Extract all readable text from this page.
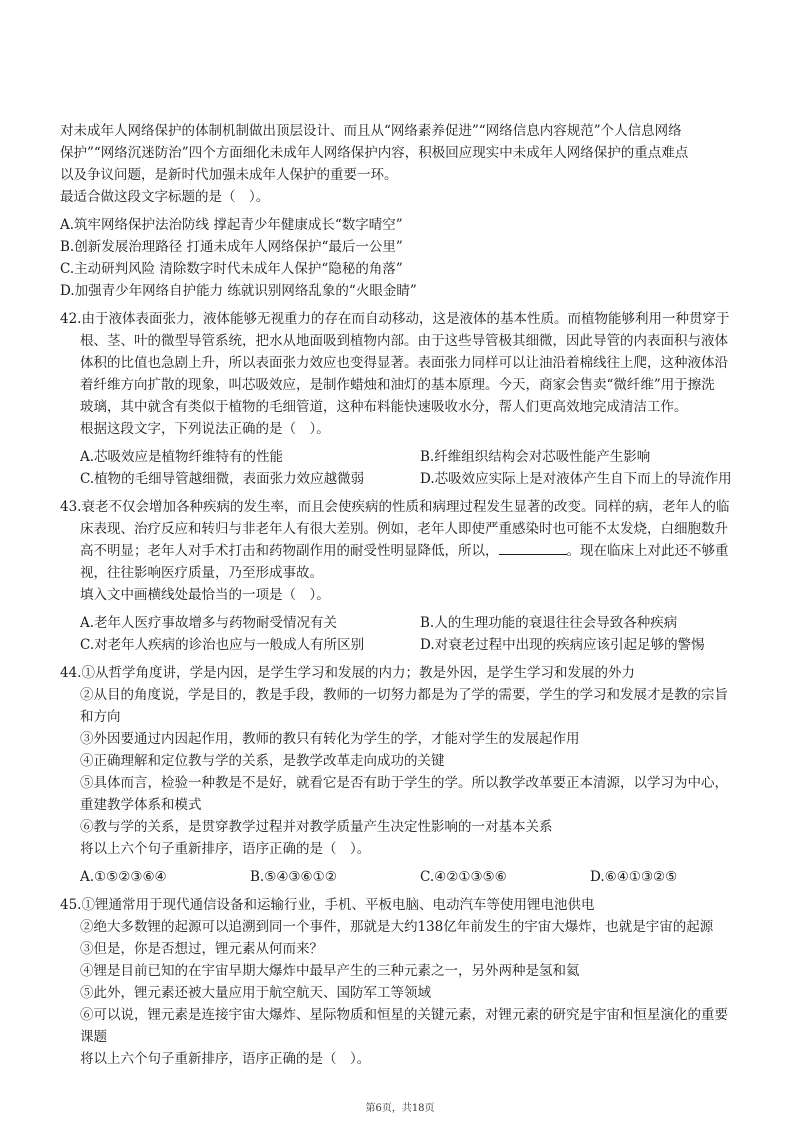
对未成年人网络保护的体制机制做出顶层设计、而且从“网络素养促进”“网络信息内容规范”个人信息网络

保护”“网络沉迷防治”四个方面细化未成年人网络保护内容，积极回应现实中未成年人网络保护的重点难点

以及争议问题，是新时代加强未成年人保护的重要一环。

最适合做这段文字标题的是（　）。

A.筑牢网络保护法治防线 撑起青少年健康成长“数字晴空”
B.创新发展治理路径 打通未成年人网络保护“最后一公里”
C.主动研判风险 清除数字时代未成年人保护“隐秘的角落”
D.加强青少年网络自护能力 练就识别网络乱象的“火眼金睛”
42.由于液体表面张力，液体能够无视重力的存在而自动移动，这是液体的基本性质。而植物能够利用一种贯穿于
根、茎、叶的微型导管系统，把水从地面吸到植物内部。由于这些导管极其细微，因此导管的内表面积与液体
体积的比值也急剧上升，所以表面张力效应也变得显著。表面张力同样可以让油沿着棉线往上爬，这种液体沿
着纤维方向扩散的现象，叫芯吸效应，是制作蜡烛和油灯的基本原理。今天，商家会售卖“微纤维”用于擦洗
玻璃，其中就含有类似于植物的毛细管道，这种布料能快速吸收水分，帮人们更高效地完成清洁工作。
根据这段文字，下列说法正确的是（　）。
A.芯吸效应是植物纤维特有的性能	B.纤维组织结构会对芯吸性能产生影响
C.植物的毛细导管越细微，表面张力效应越微弱	D.芯吸效应实际上是对液体产生自下而上的导流作用
43.衰老不仅会增加各种疾病的发生率，而且会使疾病的性质和病理过程发生显著的改变。同样的病，老年人的临
床表现、治疗反应和转归与非老年人有很大差别。例如，老年人即使严重感染时也可能不太发烧，白细胞数升
高不明显；老年人对手术打击和药物副作用的耐受性明显降低，所以，	。现在临床上对此还不够重
视，往往影响医疗质量，乃至形成事故。
填入文中画横线处最恰当的一项是（　）。
A.老年人医疗事故增多与药物耐受情况有关	B.人的生理功能的衰退往往会导致各种疾病
C.对老年人疾病的诊治也应与一般成人有所区别	D.对衰老过程中出现的疾病应该引起足够的警惕
44.①从哲学角度讲，学是内因，是学生学习和发展的内力；教是外因，是学生学习和发展的外力
②从目的角度说，学是目的，教是手段，教师的一切努力都是为了学的需要，学生的学习和发展才是教的宗旨
和方向
③外因要通过内因起作用，教师的教只有转化为学生的学，才能对学生的发展起作用
④正确理解和定位教与学的关系，是教学改革走向成功的关键
⑤具体而言，检验一种教是不是好，就看它是否有助于学生的学。所以教学改革要正本清源，以学习为中心，
重建教学体系和模式
⑥教与学的关系，是贯穿教学过程并对教学质量产生决定性影响的一对基本关系
将以上六个句子重新排序，语序正确的是（　）。
A.①⑤②③⑥④	B.⑤④③⑥①②	C.④②①③⑤⑥	D.⑥④①③②⑤
45.①锂通常用于现代通信设备和运输行业，手机、平板电脑、电动汽车等使用锂电池供电
②绝大多数锂的起源可以追溯到同一个事件，那就是大约138亿年前发生的宇宙大爆炸，也就是宇宙的起源
③但是，你是否想过，锂元素从何而来？
④锂是目前已知的在宇宙早期大爆炸中最早产生的三种元素之一，另外两种是氢和氦
⑤此外，锂元素还被大量应用于航空航天、国防军工等领域
⑥可以说，锂元素是连接宇宙大爆炸、星际物质和恒星的关键元素，对锂元素的研究是宇宙和恒星演化的重要
课题
将以上六个句子重新排序，语序正确的是（　）。
第6页，共18页
